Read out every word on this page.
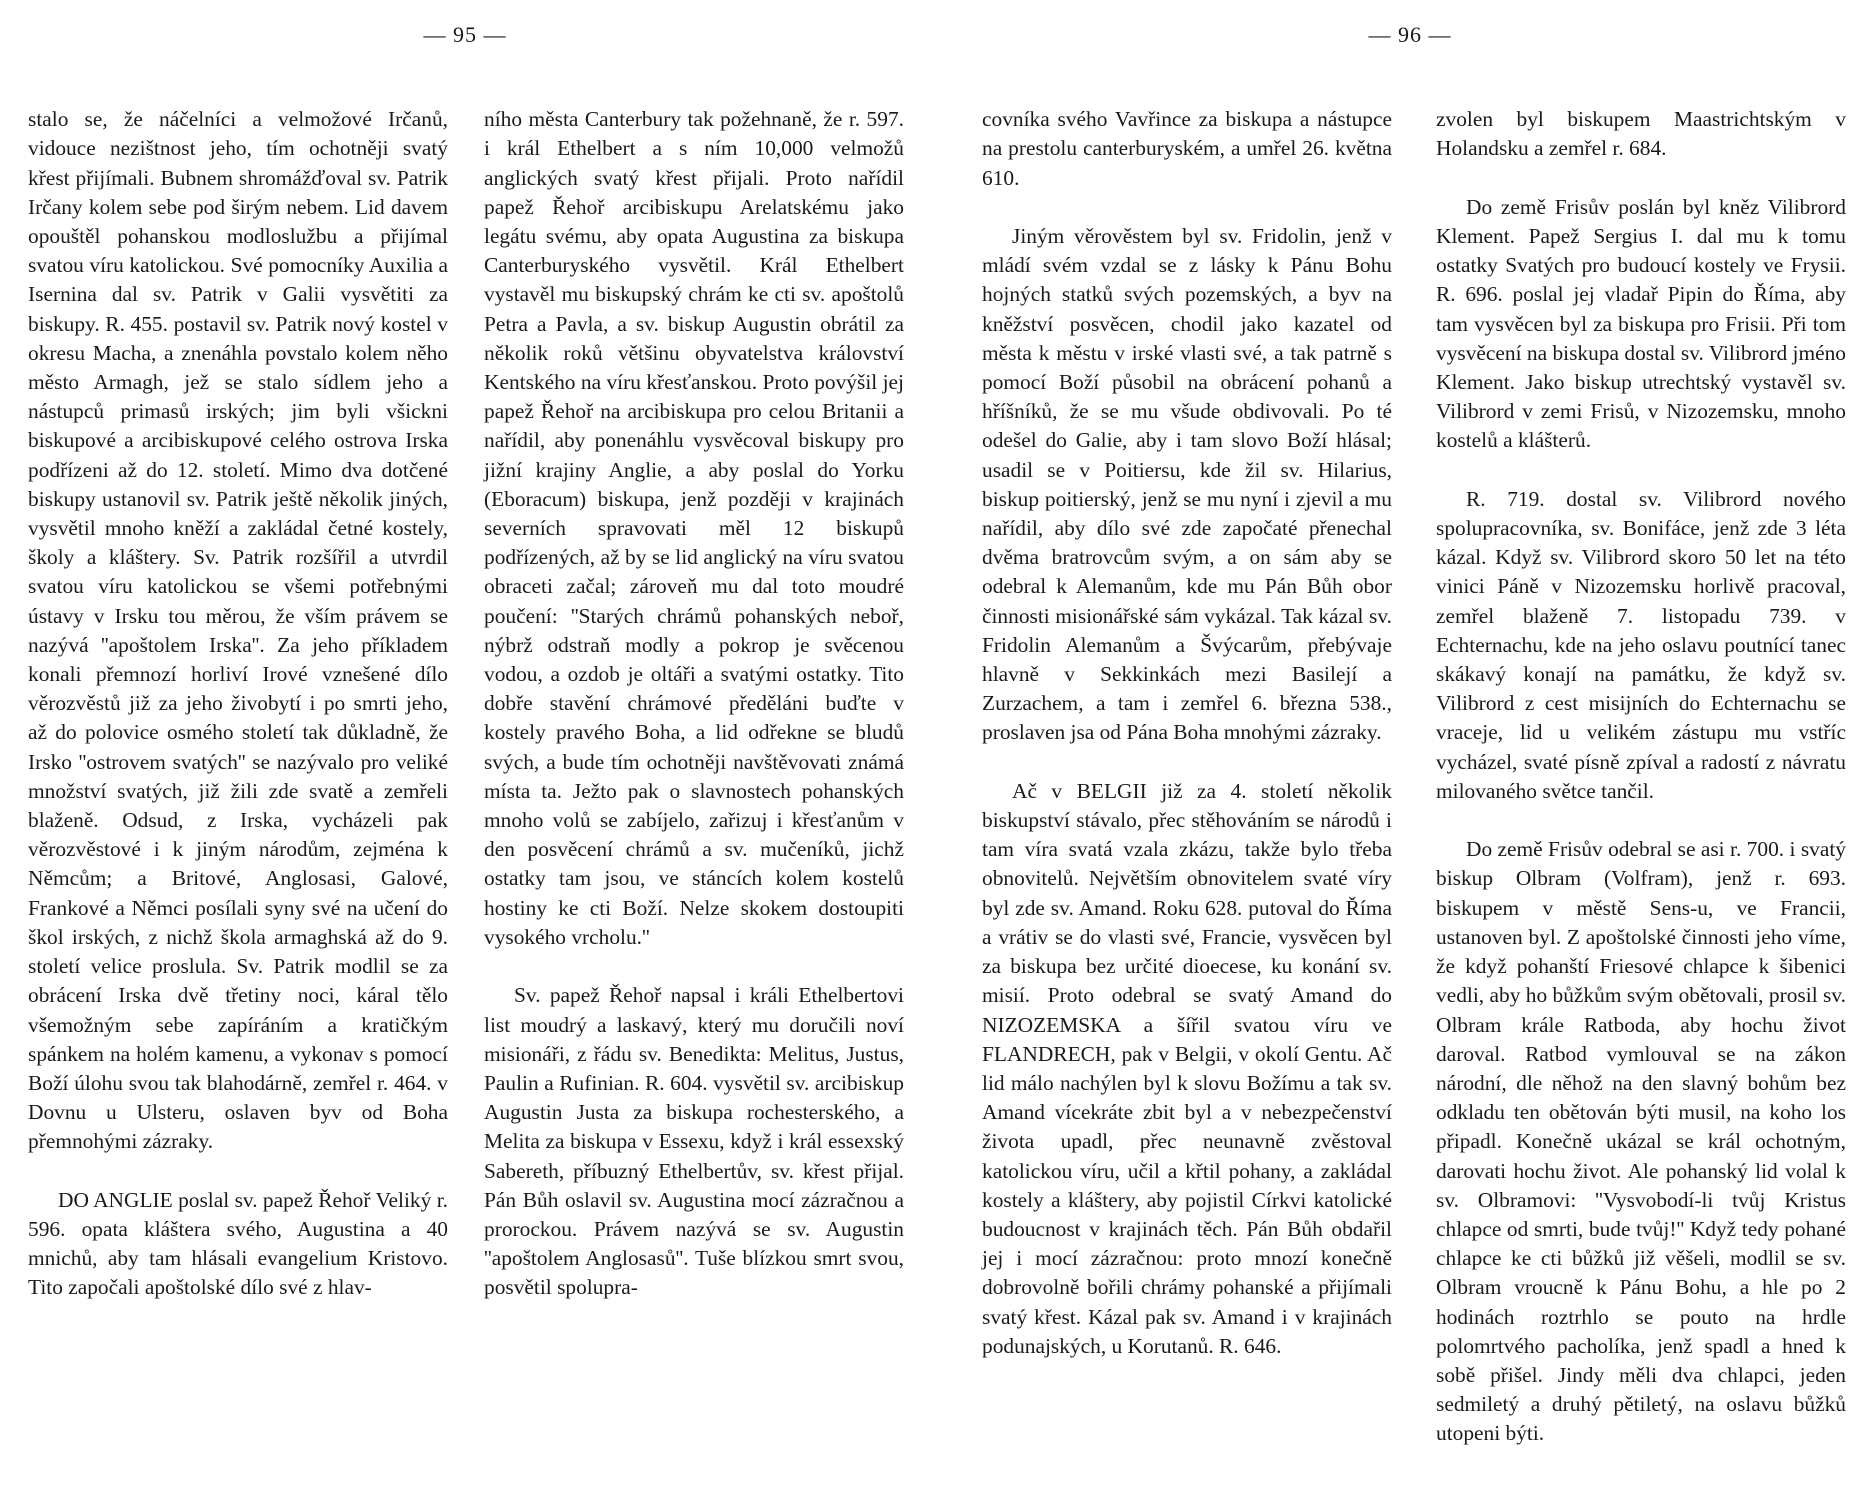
— 95 —

stalo se, že náčelníci a velmožové Irčanů, vidouce nezištnost jeho, tím ochotněji svatý křest přijímali. Bubnem shromážďoval sv. Patrik Irčany kolem sebe pod širým nebem. Lid davem opouštěl pohanskou modloslužbu a přijímal svatou víru katolickou. Své pomocníky Auxilia a Isernina dal sv. Patrik v Galii vysvětiti za biskupy. R. 455. postavil sv. Patrik nový kostel v okresu Macha, a znenáhla povstalo kolem něho město Armagh, jež se stalo sídlem jeho a nástupců primasů irských; jim byli všickni biskupové a arcibiskupové celého ostrova Irska podřízeni až do 12. století. Mimo dva dotčené biskupy ustanovil sv. Patrik ještě několik jiných, vysvětil mnoho kněží a zakládal četné kostely, školy a kláštery. Sv. Patrik rozšířil a utvrdil svatou víru katolickou se všemi potřebnými ústavy v Irsku tou měrou, že vším právem se nazývá ''apoštolem Irska''. Za jeho příkladem konali přemnozí horliví Irové vznešené dílo věrozvěstů již za jeho živobytí i po smrti jeho, až do polovice osmého století tak důkladně, že Irsko ''ostrovem svatých'' se nazývalo pro veliké množství svatých, již žili zde svatě a zemřeli blaženě. Odsud, z Irska, vycházeli pak věrozvěstové i k jiným národům, zejména k Němcům; a Britové, Anglosasi, Galové, Frankové a Němci posílali syny své na učení do škol irských, z nichž škola armaghská až do 9. století velice proslula. Sv. Patrik modlil se za obrácení Irska dvě třetiny noci, káral tělo všemožným sebe zapíráním a kratičkým spánkem na holém kamenu, a vykonav s pomocí Boží úlohu svou tak blahodárně, zemřel r. 464. v Dovnu u Ulsteru, oslaven byv od Boha přemnohými zázraky.

DO ANGLIE poslal sv. papež Řehoř Veliký r. 596. opata kláštera svého, Augustina a 40 mnichů, aby tam hlásali evangelium Kristovo. Tito započali apoštolské dílo své z hlav-

ního města Canterbury tak požehnaně, že r. 597. i král Ethelbert a s ním 10,000 velmožů anglických svatý křest přijali. Proto nařídil papež Řehoř arcibiskupu Arelatskému jako legátu svému, aby opata Augustina za biskupa Canterburyského vysvětil. Král Ethelbert vystavěl mu biskupský chrám ke cti sv. apoštolů Petra a Pavla, a sv. biskup Augustin obrátil za několik roků většinu obyvatelstva království Kentského na víru křesťanskou. Proto povýšil jej papež Řehoř na arcibiskupa pro celou Britanii a nařídil, aby ponenáhlu vysvěcoval biskupy pro jižní krajiny Anglie, a aby poslal do Yorku (Eboracum) biskupa, jenž později v krajinách severních spravovati měl 12 biskupů podřízených, až by se lid anglický na víru svatou obraceti začal; zároveň mu dal toto moudré poučení: ''Starých chrámů pohanských neboř, nýbrž odstraň modly a pokrop je svěcenou vodou, a ozdob je oltáři a svatými ostatky. Tito dobře stavění chrámové předěláni buďte v kostely pravého Boha, a lid odřekne se bludů svých, a bude tím ochotněji navštěvovati známá místa ta. Ježto pak o slavnostech pohanských mnoho volů se zabíjelo, zařizuj i křesťanům v den posvěcení chrámů a sv. mučeníků, jichž ostatky tam jsou, ve stáncích kolem kostelů hostiny ke cti Boží. Nelze skokem dostoupiti vysokého vrcholu.''

Sv. papež Řehoř napsal i králi Ethelbertovi list moudrý a laskavý, který mu doručili noví misionáři, z řádu sv. Benedikta: Melitus, Justus, Paulin a Rufinian. R. 604. vysvětil sv. arcibiskup Augustin Justa za biskupa rochesterského, a Melita za biskupa v Essexu, když i král essexský Sabereth, příbuzný Ethelbertův, sv. křest přijal. Pán Bůh oslavil sv. Augustina mocí zázračnou a prorockou. Právem nazývá se sv. Augustin ''apoštolem Anglosasů''. Tuše blízkou smrt svou, posvětil spolupra-

— 96 —

covníka svého Vavřince za biskupa a nástupce na prestolu canterburyském, a umřel 26. května 610.

Jiným věrověstem byl sv. Fridolin, jenž v mládí svém vzdal se z lásky k Pánu Bohu hojných statků svých pozemských, a byv na kněžství posvěcen, chodil jako kazatel od města k městu v irské vlasti své, a tak patrně s pomocí Boží působil na obrácení pohanů a hříšníků, že se mu všude obdivovali. Po té odešel do Galie, aby i tam slovo Boží hlásal; usadil se v Poitiersu, kde žil sv. Hilarius, biskup poitierský, jenž se mu nyní i zjevil a mu nařídil, aby dílo své zde započaté přenechal dvěma bratrovcům svým, a on sám aby se odebral k Alemanům, kde mu Pán Bůh obor činnosti misionářské sám vykázal. Tak kázal sv. Fridolin Alemanům a Švýcarům, přebývaje hlavně v Sekkinkách mezi Basilejí a Zurzachem, a tam i zemřel 6. března 538., proslaven jsa od Pána Boha mnohými zázraky.

Ač v BELGII již za 4. století několik biskupství stávalo, přec stěhováním se národů i tam víra svatá vzala zkázu, takže bylo třeba obnovitelů. Největším obnovitelem svaté víry byl zde sv. Amand. Roku 628. putoval do Říma a vrátiv se do vlasti své, Francie, vysvěcen byl za biskupa bez určité dioecese, ku konání sv. misií. Proto odebral se svatý Amand do NIZOZEMSKA a šířil svatou víru ve FLANDRECH, pak v Belgii, v okolí Gentu. Ač lid málo nachýlen byl k slovu Božímu a tak sv. Amand vícekráte zbit byl a v nebezpečenství života upadl, přec neunavně zvěstoval katolickou víru, učil a křtil pohany, a zakládal kostely a kláštery, aby pojistil Církvi katolické budoucnost v krajinách těch. Pán Bůh obdařil jej i mocí zázračnou: proto mnozí konečně dobrovolně bořili chrámy pohanské a přijímali svatý křest. Kázal pak sv. Amand i v krajinách podunajských, u Korutanů. R. 646.

zvolen byl biskupem Maastrichtským v Holandsku a zemřel r. 684.

Do země Frisův poslán byl kněz Vilibrord Klement. Papež Sergius I. dal mu k tomu ostatky Svatých pro budoucí kostely ve Frysii. R. 696. poslal jej vladař Pipin do Říma, aby tam vysvěcen byl za biskupa pro Frisii. Při tom vysvěcení na biskupa dostal sv. Vilibrord jméno Klement. Jako biskup utrechtský vystavěl sv. Vilibrord v zemi Frisů, v Nizozemsku, mnoho kostelů a klášterů.

R. 719. dostal sv. Vilibrord nového spolupracovníka, sv. Bonifáce, jenž zde 3 léta kázal. Když sv. Vilibrord skoro 50 let na této vinici Páně v Nizozemsku horlivě pracoval, zemřel blaženě 7. listopadu 739. v Echternachu, kde na jeho oslavu poutnící tanec skákavý konají na památku, že když sv. Vilibrord z cest misijních do Echternachu se vraceje, lid u velikém zástupu mu vstříc vycházel, svaté písně zpíval a radostí z návratu milovaného světce tančil.

Do země Frisův odebral se asi r. 700. i svatý biskup Olbram (Volfram), jenž r. 693. biskupem v městě Sens-u, ve Francii, ustanoven byl. Z apoštolské činnosti jeho víme, že když pohanští Friesové chlapce k šibenici vedli, aby ho bůžkům svým obětovali, prosil sv. Olbram krále Ratboda, aby hochu život daroval. Ratbod vymlouval se na zákon národní, dle něhož na den slavný bohům bez odkladu ten obětován býti musil, na koho los připadl. Konečně ukázal se král ochotným, darovati hochu život. Ale pohanský lid volal k sv. Olbramovi: ''Vysvobodí-li tvůj Kristus chlapce od smrti, bude tvůj!'' Když tedy pohané chlapce ke cti bůžků již věšeli, modlil se sv. Olbram vroucně k Pánu Bohu, a hle po 2 hodinách roztrhlo se pouto na hrdle polomrtvého pacholíka, jenž spadl a hned k sobě přišel. Jindy měli dva chlapci, jeden sedmiletý a druhý pětiletý, na oslavu bůžků utopeni býti.
